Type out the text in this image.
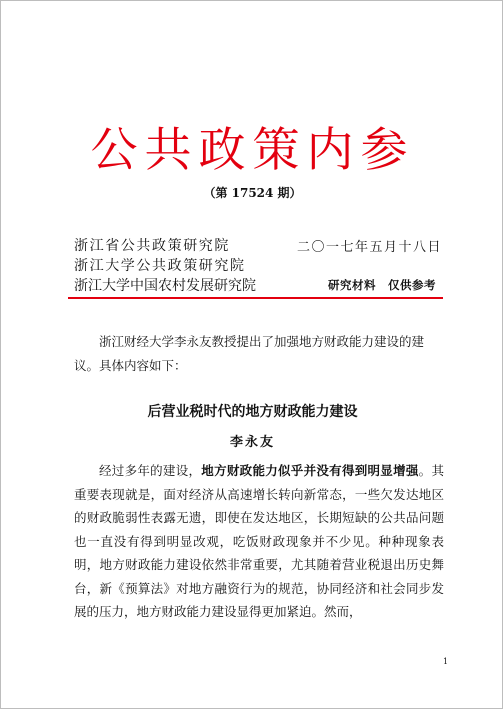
公共政策内参
（第 17524 期）
浙江省公共政策研究院
浙江大学公共政策研究院
浙江大学中国农村发展研究院
二〇一七年五月十八日
研究材料　仅供参考

浙江财经大学李永友教授提出了加强地方财政能力建设的建议。具体内容如下：

后营业税时代的地方财政能力建设
李永友

经过多年的建设，地方财政能力似乎并没有得到明显增强。其重要表现就是，面对经济从高速增长转向新常态，一些欠发达地区的财政脆弱性表露无遗，即使在发达地区，长期短缺的公共品问题也一直没有得到明显改观，吃饭财政现象并不少见。种种现象表明，地方财政能力建设依然非常重要，尤其随着营业税退出历史舞台，新《预算法》对地方融资行为的规范，协同经济和社会同步发展的压力，地方财政能力建设显得更加紧迫。然而，

1
